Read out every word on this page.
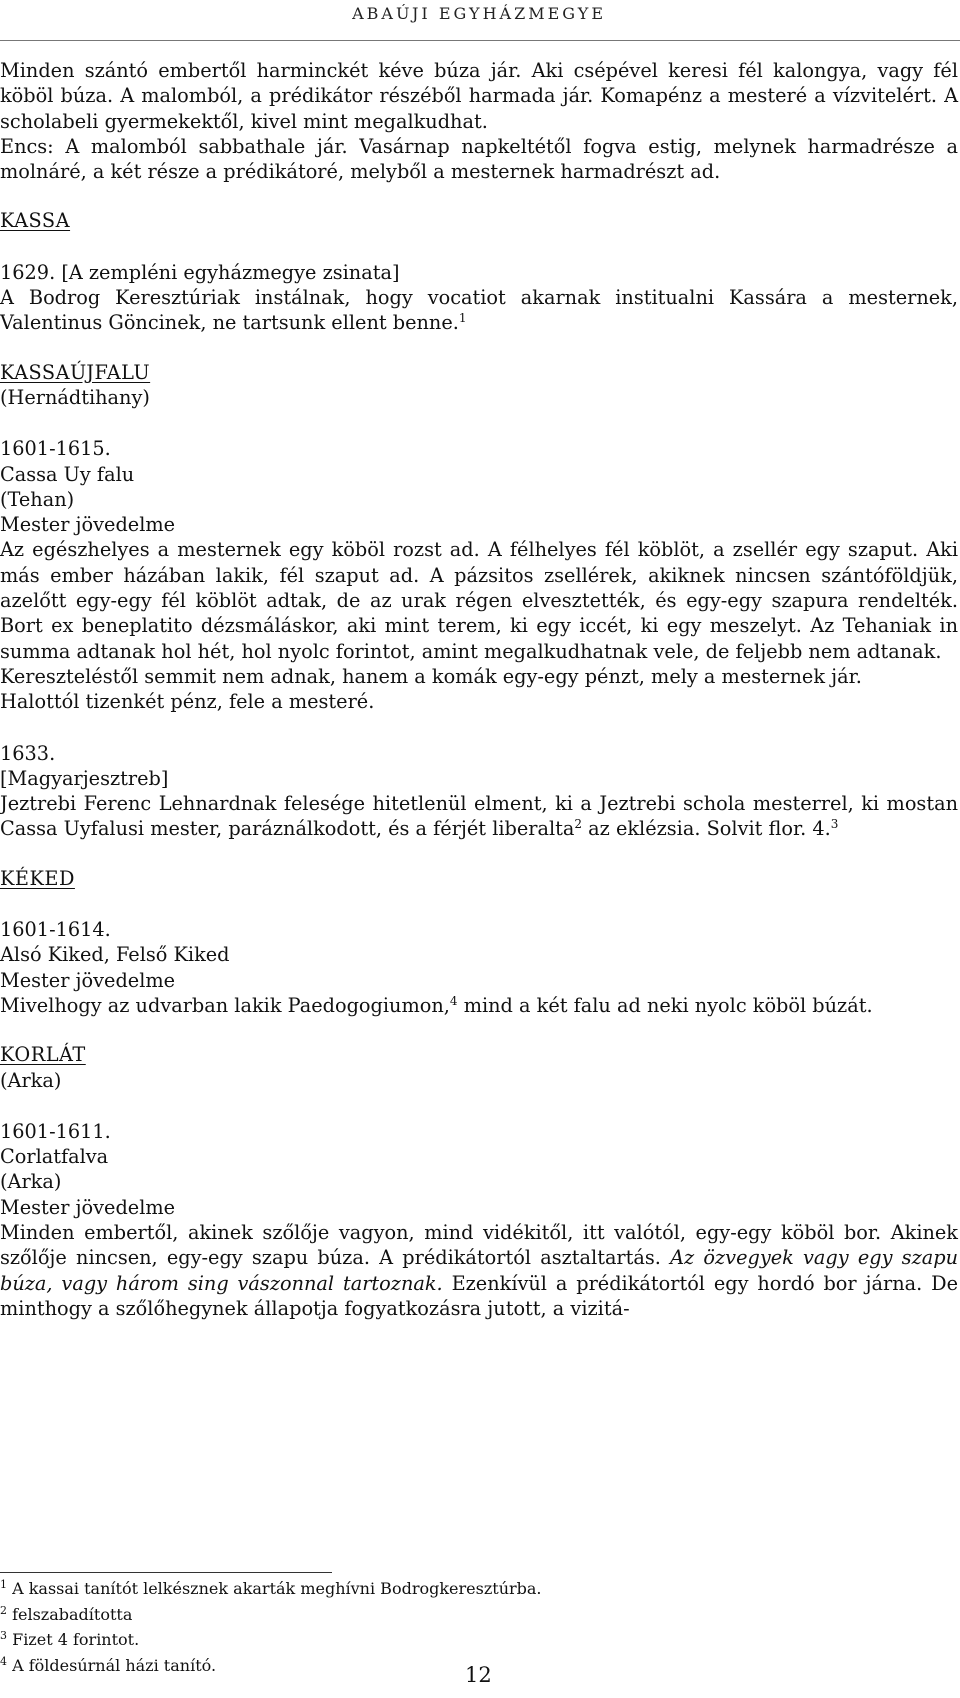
ABAÚJI EGYHÁZMEGYE

Minden szántó embertől harminckét kéve búza jár. Aki csépével keresi fél kalongya, vagy fél köböl búza. A malomból, a prédikátor részéből harmada jár. Komapénz a mesteré a vízvitelért. A scholabeli gyermekektől, kivel mint megalkudhat.

Encs: A malomból sabbathale jár. Vasárnap napkeltétől fogva estig, melynek harmadrésze a molnáré, a két része a prédikátoré, melyből a mesternek harmadrészt ad.

KASSA

1629. [A zempléni egyházmegye zsinata]

A Bodrog Keresztúriak instálnak, hogy vocatiot akarnak institualni Kassára a mesternek, Valentinus Göncinek, ne tartsunk ellent benne.$^1$

KASSAÚJFALU

(Hernádtihany)

1601-1615.

Cassa Uy falu

(Tehan)

Mester jövedelme

Az egészhelyes a mesternek egy köböl rozst ad. A félhelyes fél köblöt, a zsellér egy szaput. Aki más ember házában lakik, fél szaput ad. A pázsitos zsellérek, akiknek nincsen szántóföldjük, azelőtt egy-egy fél köblöt adtak, de az urak régen elvesztették, és egy-egy szapura rendelték. Bort ex beneplatito dézsmáláskor, aki mint terem, ki egy iccét, ki egy meszelyt. Az Tehaniak in summa adtanak hol hét, hol nyolc forintot, amint megalkudhatnak vele, de feljebb nem adtanak.

Kereszteléstől semmit nem adnak, hanem a komák egy-egy pénzt, mely a mesternek jár.

Halottól tizenkét pénz, fele a mesteré.

1633.

[Magyarjesztreb]

Jeztrebi Ferenc Lehnardnak felesége hitetlenül elment, ki a Jeztrebi schola mesterrel, ki mostan Cassa Uyfalusi mester, paráználkodott, és a férjét liberalta$^2$ az eklézsia. Solvit flor. 4.$^3$

KÉKED

1601-1614.

Alsó Kiked, Felső Kiked

Mester jövedelme

Mivelhogy az udvarban lakik Paedogogiumon,$^4$ mind a két falu ad neki nyolc köböl búzát.

KORLÁT

(Arka)

1601-1611.

Corlatfalva

(Arka)

Mester jövedelme

Minden embertől, akinek szőlője vagyon, mind vidékitől, itt valótól, egy-egy köböl bor. Akinek szőlője nincsen, egy-egy szapu búza. A prédikátortól asztaltartás. Az özvegyek vagy egy szapu búza, vagy három sing vászonnal tartoznak. Ezenkívül a prédikátortól egy hordó bor járna. De minthogy a szőlőhegynek állapotja fogyatkozásra jutott, a vizitá-

$^1$ A kassai tanítót lelkésznek akarták meghívni Bodrogkeresztúrba.
$^2$ felszabadította
$^3$ Fizet 4 forintot.
$^4$ A földesúrnál házi tanító.	12
